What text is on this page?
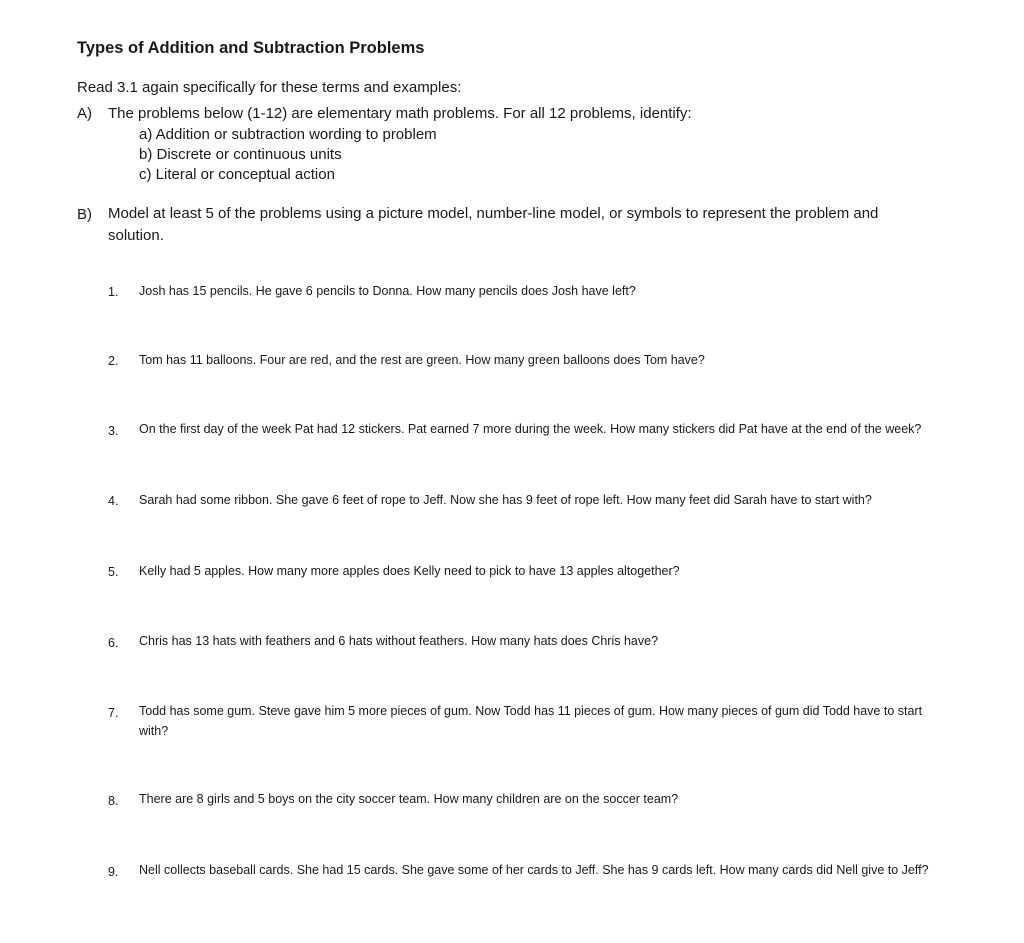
Types of Addition and Subtraction Problems
Read 3.1 again specifically for these terms and examples:
A) The problems below (1-12) are elementary math problems. For all 12 problems, identify:
a) Addition or subtraction wording to problem
b) Discrete or continuous units
c) Literal or conceptual action
B) Model at least 5 of the problems using a picture model, number-line model, or symbols to represent the problem and solution.
1. Josh has 15 pencils. He gave 6 pencils to Donna. How many pencils does Josh have left?
2. Tom has 11 balloons. Four are red, and the rest are green. How many green balloons does Tom have?
3. On the first day of the week Pat had 12 stickers. Pat earned 7 more during the week. How many stickers did Pat have at the end of the week?
4. Sarah had some ribbon. She gave 6 feet of rope to Jeff. Now she has 9 feet of rope left. How many feet did Sarah have to start with?
5. Kelly had 5 apples. How many more apples does Kelly need to pick to have 13 apples altogether?
6. Chris has 13 hats with feathers and 6 hats without feathers. How many hats does Chris have?
7. Todd has some gum. Steve gave him 5 more pieces of gum. Now Todd has 11 pieces of gum. How many pieces of gum did Todd have to start with?
8. There are 8 girls and 5 boys on the city soccer team. How many children are on the soccer team?
9. Nell collects baseball cards. She had 15 cards. She gave some of her cards to Jeff. She has 9 cards left. How many cards did Nell give to Jeff?
